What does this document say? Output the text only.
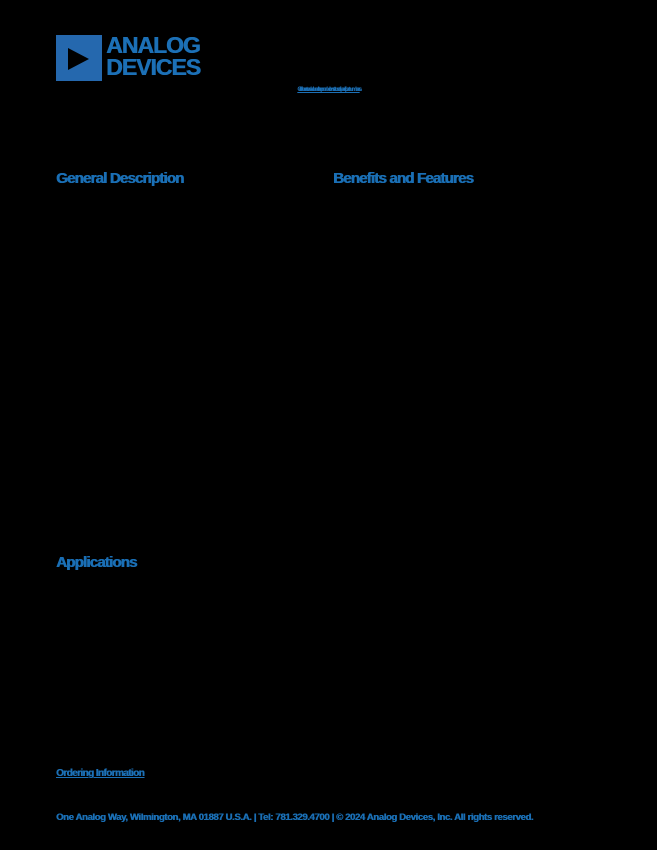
ANALOG
DEVICES
Click here to ask about the production status of specific part numbers.
General Description	Benefits and Features
Applications
Ordering Information
One Analog Way, Wilmington, MA 01887 U.S.A. | Tel: 781.329.4700 | © 2024 Analog Devices, Inc. All rights reserved.
